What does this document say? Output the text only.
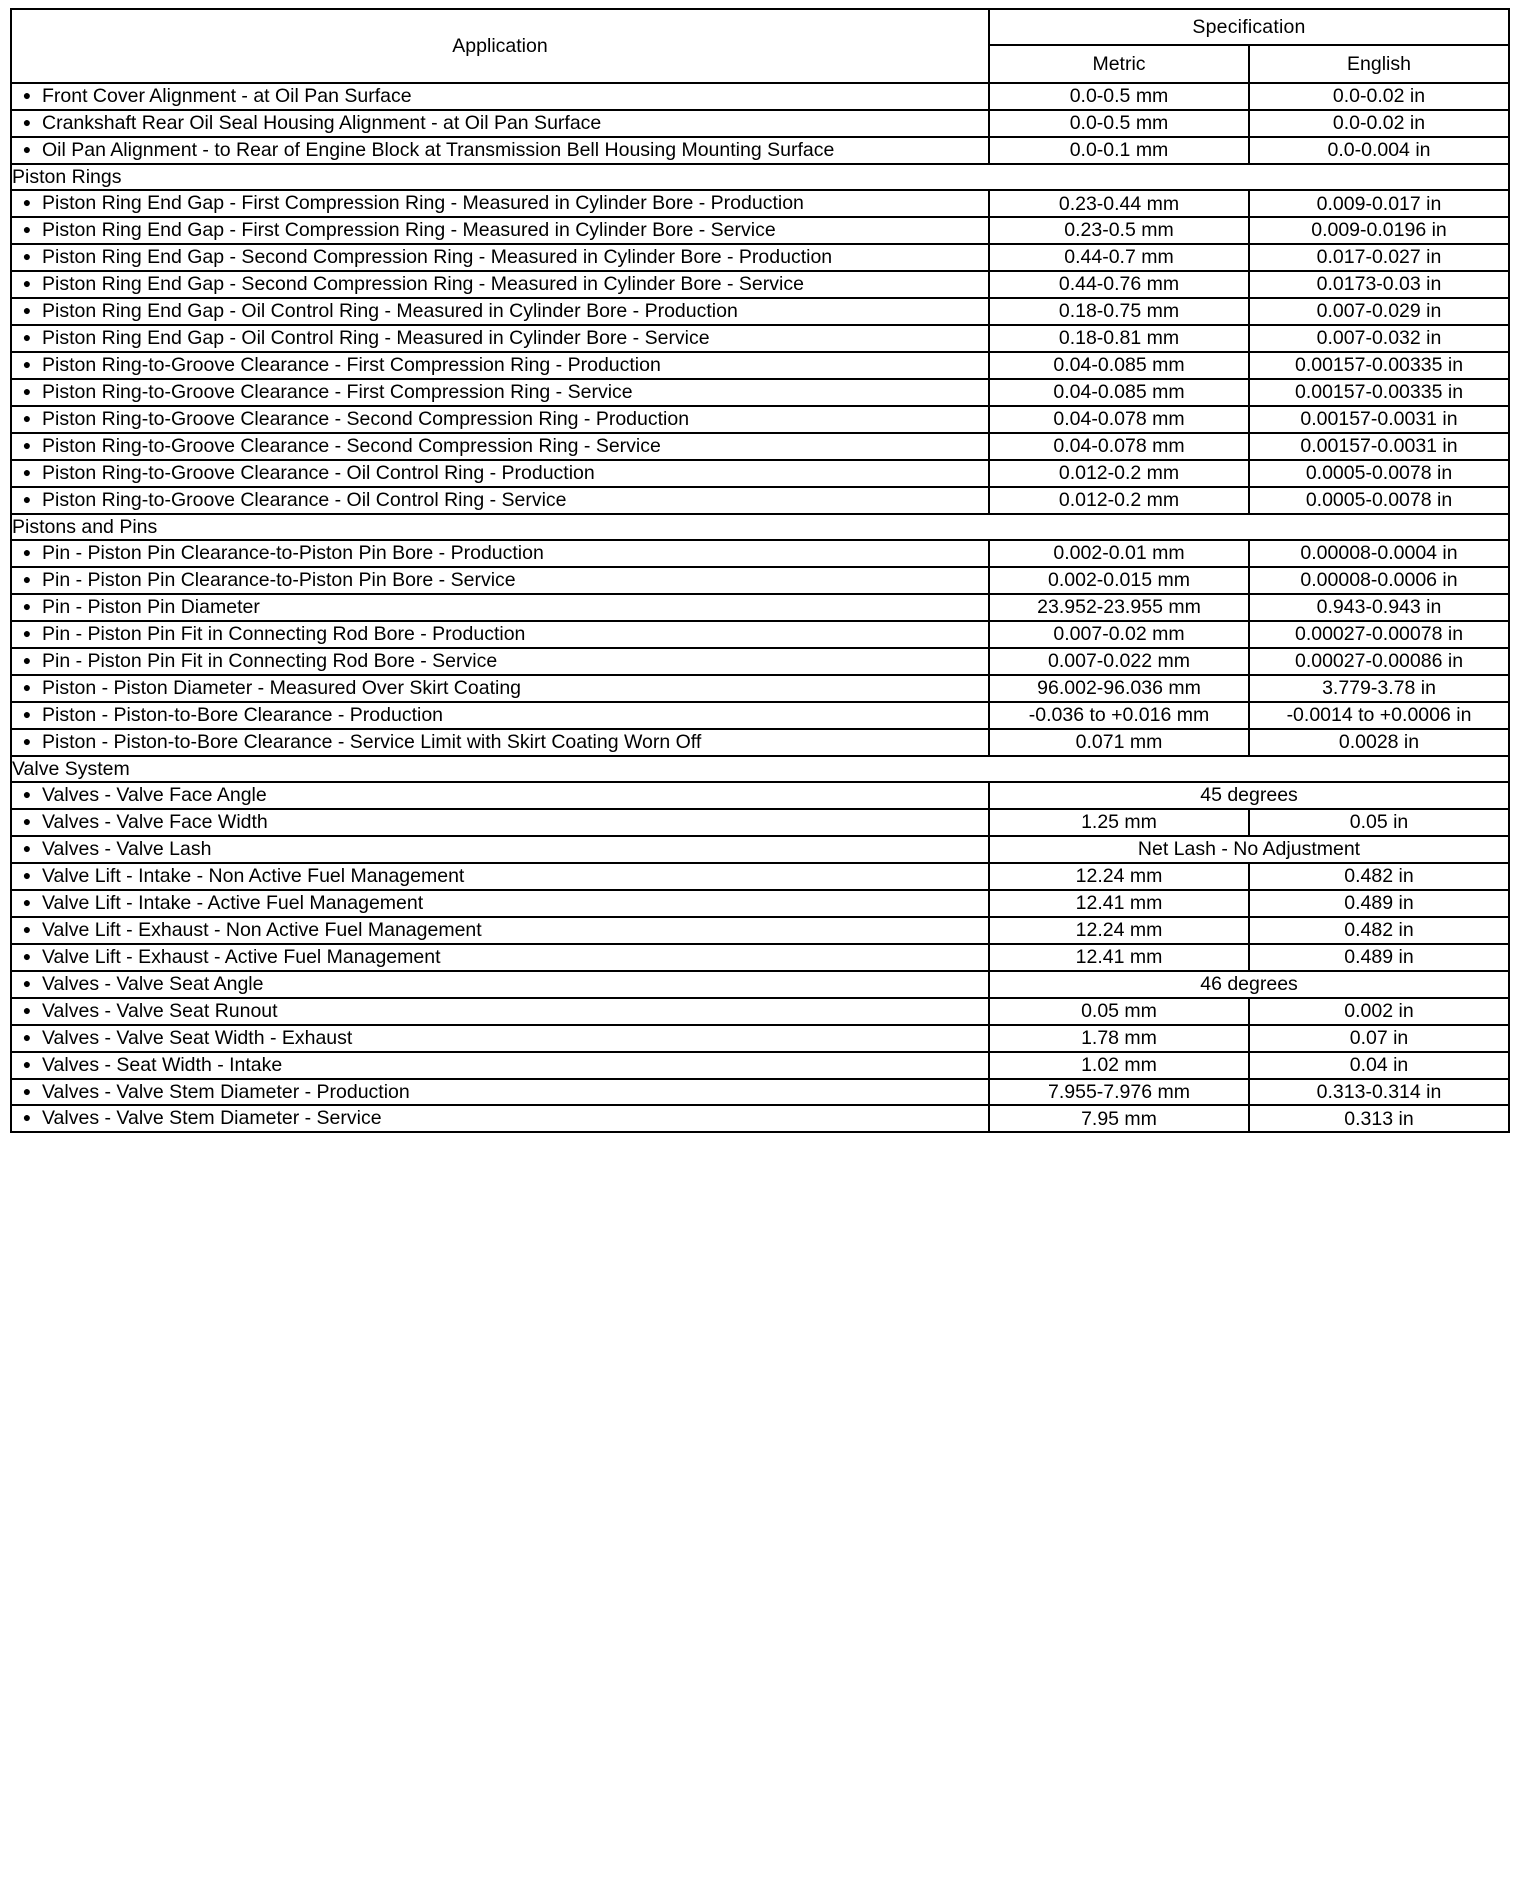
Application	Specification	
	Metric	English

● Front Cover Alignment - at Oil Pan Surface	0.0-0.5 mm	0.0-0.02 in

● Crankshaft Rear Oil Seal Housing Alignment - at Oil Pan Surface	0.0-0.5 mm	0.0-0.02 in

● Oil Pan Alignment - to Rear of Engine Block at Transmission Bell Housing Mounting Surface	0.0-0.1 mm	0.0-0.004 in
Piston Rings		

● Piston Ring End Gap - First Compression Ring - Measured in Cylinder Bore - Production	0.23-0.44 mm	0.009-0.017 in

● Piston Ring End Gap - First Compression Ring - Measured in Cylinder Bore - Service	0.23-0.5 mm	0.009-0.0196 in

● Piston Ring End Gap - Second Compression Ring - Measured in Cylinder Bore - Production	0.44-0.7 mm	0.017-0.027 in

● Piston Ring End Gap - Second Compression Ring - Measured in Cylinder Bore - Service	0.44-0.76 mm	0.0173-0.03 in

● Piston Ring End Gap - Oil Control Ring - Measured in Cylinder Bore - Production	0.18-0.75 mm	0.007-0.029 in

● Piston Ring End Gap - Oil Control Ring - Measured in Cylinder Bore - Service	0.18-0.81 mm	0.007-0.032 in

● Piston Ring-to-Groove Clearance - First Compression Ring - Production	0.04-0.085 mm	0.00157-0.00335 in

● Piston Ring-to-Groove Clearance - First Compression Ring - Service	0.04-0.085 mm	0.00157-0.00335 in

● Piston Ring-to-Groove Clearance - Second Compression Ring - Production	0.04-0.078 mm	0.00157-0.0031 in

● Piston Ring-to-Groove Clearance - Second Compression Ring - Service	0.04-0.078 mm	0.00157-0.0031 in

● Piston Ring-to-Groove Clearance - Oil Control Ring - Production	0.012-0.2 mm	0.0005-0.0078 in

● Piston Ring-to-Groove Clearance - Oil Control Ring - Service	0.012-0.2 mm	0.0005-0.0078 in
Pistons and Pins		

● Pin - Piston Pin Clearance-to-Piston Pin Bore - Production	0.002-0.01 mm	0.00008-0.0004 in

● Pin - Piston Pin Clearance-to-Piston Pin Bore - Service	0.002-0.015 mm	0.00008-0.0006 in

● Pin - Piston Pin Diameter	23.952-23.955 mm	0.943-0.943 in

● Pin - Piston Pin Fit in Connecting Rod Bore - Production	0.007-0.02 mm	0.00027-0.00078 in

● Pin - Piston Pin Fit in Connecting Rod Bore - Service	0.007-0.022 mm	0.00027-0.00086 in

● Piston - Piston Diameter - Measured Over Skirt Coating	96.002-96.036 mm	3.779-3.78 in

● Piston - Piston-to-Bore Clearance - Production	-0.036 to +0.016 mm	-0.0014 to +0.0006 in

● Piston - Piston-to-Bore Clearance - Service Limit with Skirt Coating Worn Off	0.071 mm	0.0028 in
Valve System		

● Valves - Valve Face Angle	45 degrees	

● Valves - Valve Face Width	1.25 mm	0.05 in

● Valves - Valve Lash	Net Lash - No Adjustment	

● Valve Lift - Intake - Non Active Fuel Management	12.24 mm	0.482 in

● Valve Lift - Intake - Active Fuel Management	12.41 mm	0.489 in

● Valve Lift - Exhaust - Non Active Fuel Management	12.24 mm	0.482 in

● Valve Lift - Exhaust - Active Fuel Management	12.41 mm	0.489 in

● Valves - Valve Seat Angle	46 degrees	

● Valves - Valve Seat Runout	0.05 mm	0.002 in

● Valves - Valve Seat Width - Exhaust	1.78 mm	0.07 in

● Valves - Seat Width - Intake	1.02 mm	0.04 in

● Valves - Valve Stem Diameter - Production	7.955-7.976 mm	0.313-0.314 in

● Valves - Valve Stem Diameter - Service	7.95 mm	0.313 in
